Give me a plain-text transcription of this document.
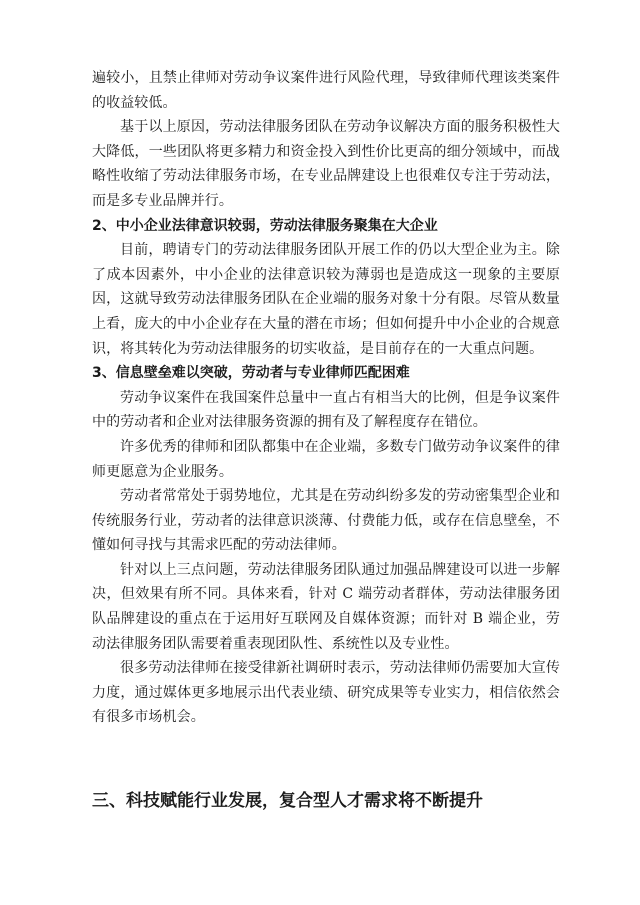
遍较小，且禁止律师对劳动争议案件进行风险代理，导致律师代理该类案件的收益较低。

基于以上原因，劳动法律服务团队在劳动争议解决方面的服务积极性大大降低，一些团队将更多精力和资金投入到性价比更高的细分领域中，而战略性收缩了劳动法律服务市场，在专业品牌建设上也很难仅专注于劳动法，而是多专业品牌并行。

2、中小企业法律意识较弱，劳动法律服务聚集在大企业

目前，聘请专门的劳动法律服务团队开展工作的仍以大型企业为主。除了成本因素外，中小企业的法律意识较为薄弱也是造成这一现象的主要原因，这就导致劳动法律服务团队在企业端的服务对象十分有限。尽管从数量上看，庞大的中小企业存在大量的潜在市场；但如何提升中小企业的合规意识，将其转化为劳动法律服务的切实收益，是目前存在的一大重点问题。

3、信息壁垒难以突破，劳动者与专业律师匹配困难

劳动争议案件在我国案件总量中一直占有相当大的比例，但是争议案件中的劳动者和企业对法律服务资源的拥有及了解程度存在错位。

许多优秀的律师和团队都集中在企业端，多数专门做劳动争议案件的律师更愿意为企业服务。

劳动者常常处于弱势地位，尤其是在劳动纠纷多发的劳动密集型企业和传统服务行业，劳动者的法律意识淡薄、付费能力低，或存在信息壁垒，不懂如何寻找与其需求匹配的劳动法律师。

针对以上三点问题，劳动法律服务团队通过加强品牌建设可以进一步解决，但效果有所不同。具体来看，针对 C 端劳动者群体，劳动法律服务团队品牌建设的重点在于运用好互联网及自媒体资源；而针对 B 端企业，劳动法律服务团队需要着重表现团队性、系统性以及专业性。

很多劳动法律师在接受律新社调研时表示，劳动法律师仍需要加大宣传力度，通过媒体更多地展示出代表业绩、研究成果等专业实力，相信依然会有很多市场机会。

三、科技赋能行业发展，复合型人才需求将不断提升
